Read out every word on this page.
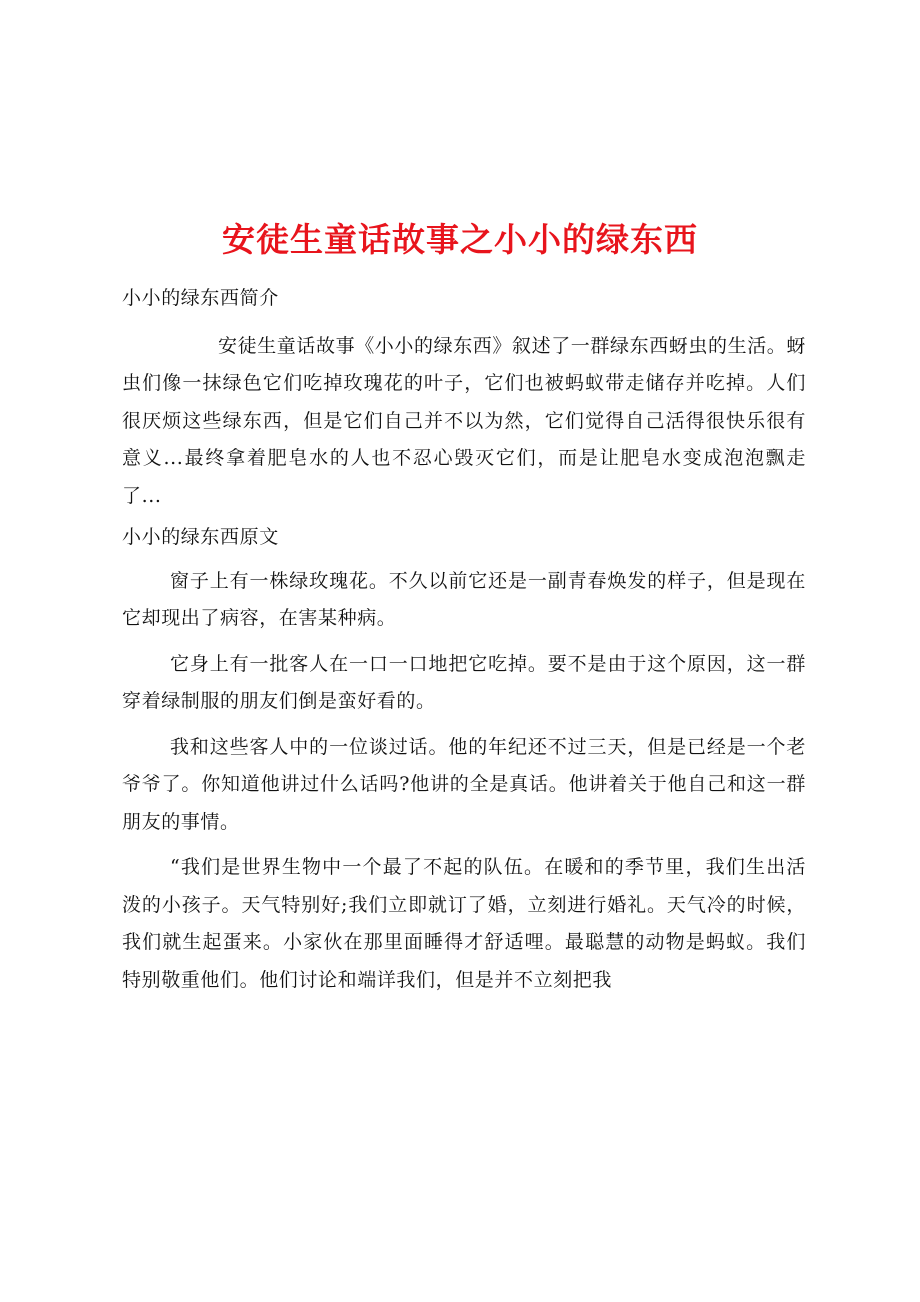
安徒生童话故事之小小的绿东西

小小的绿东西简介

安徒生童话故事《小小的绿东西》叙述了一群绿东西蚜虫的生活。蚜虫们像一抹绿色它们吃掉玫瑰花的叶子，它们也被蚂蚁带走储存并吃掉。人们很厌烦这些绿东西，但是它们自己并不以为然，它们觉得自己活得很快乐很有意义...最终拿着肥皂水的人也不忍心毁灭它们，而是让肥皂水变成泡泡飘走了...

小小的绿东西原文

窗子上有一株绿玫瑰花。不久以前它还是一副青春焕发的样子，但是现在它却现出了病容，在害某种病。

它身上有一批客人在一口一口地把它吃掉。要不是由于这个原因，这一群穿着绿制服的朋友们倒是蛮好看的。

我和这些客人中的一位谈过话。他的年纪还不过三天，但是已经是一个老爷爷了。你知道他讲过什么话吗?他讲的全是真话。他讲着关于他自己和这一群朋友的事情。

“我们是世界生物中一个最了不起的队伍。在暖和的季节里，我们生出活泼的小孩子。天气特别好;我们立即就订了婚，立刻进行婚礼。天气冷的时候，我们就生起蛋来。小家伙在那里面睡得才舒适哩。最聪慧的动物是蚂蚁。我们特别敬重他们。他们讨论和端详我们，但是并不立刻把我
